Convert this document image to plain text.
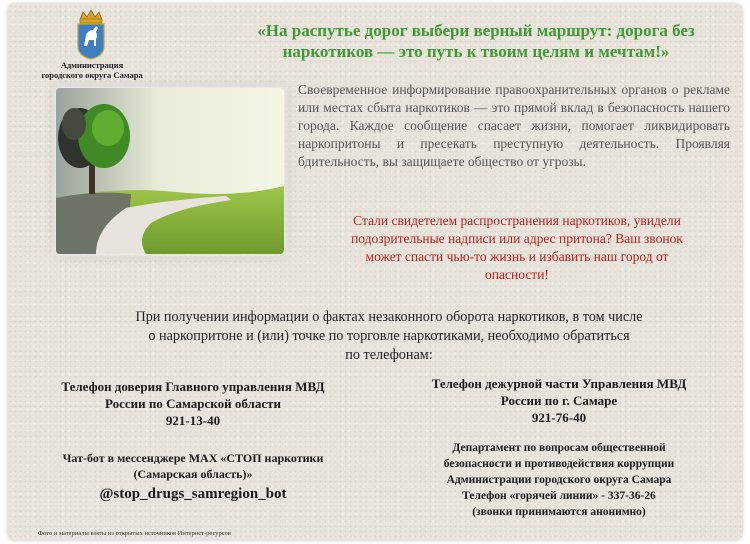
Администрация
городского округа Самара
«На распутье дорог выбери верный маршрут: дорога без
наркотиков — это путь к твоим целям и мечтам!»
Своевременное информирование правоохранительных органов о рекламе или местах сбыта наркотиков — это прямой вклад в безопасность нашего города. Каждое сообщение спасает жизни, помогает ликвидировать наркопритоны и пресекать преступную деятельность. Проявляя бдительность, вы защищаете общество от угрозы.
Стали свидетелем распространения наркотиков, увидели
подозрительные надписи или адрес притона? Ваш звонок
может спасти чью-то жизнь и избавить наш город от
опасности!
При получении информации о фактах незаконного оборота наркотиков, в том числе
о наркопритоне и (или) точке по торговле наркотиками, необходимо обратиться
по телефонам:
Телефон доверия Главного управления МВД
России по Самарской области
921-13-40
Телефон дежурной части Управления МВД
России по г. Самаре
921-76-40
Чат-бот в мессенджере МАХ «СТОП наркотики
(Самарская область)»
@stop_drugs_samregion_bot
Департамент по вопросам общественной
безопасности и противодействия коррупции
Администрации городского округа Самара
Телефон «горячей линии» - 337-36-26
(звонки принимаются анонимно)
Фото и материалы взяты из открытых источников Интернет-ресурсов
